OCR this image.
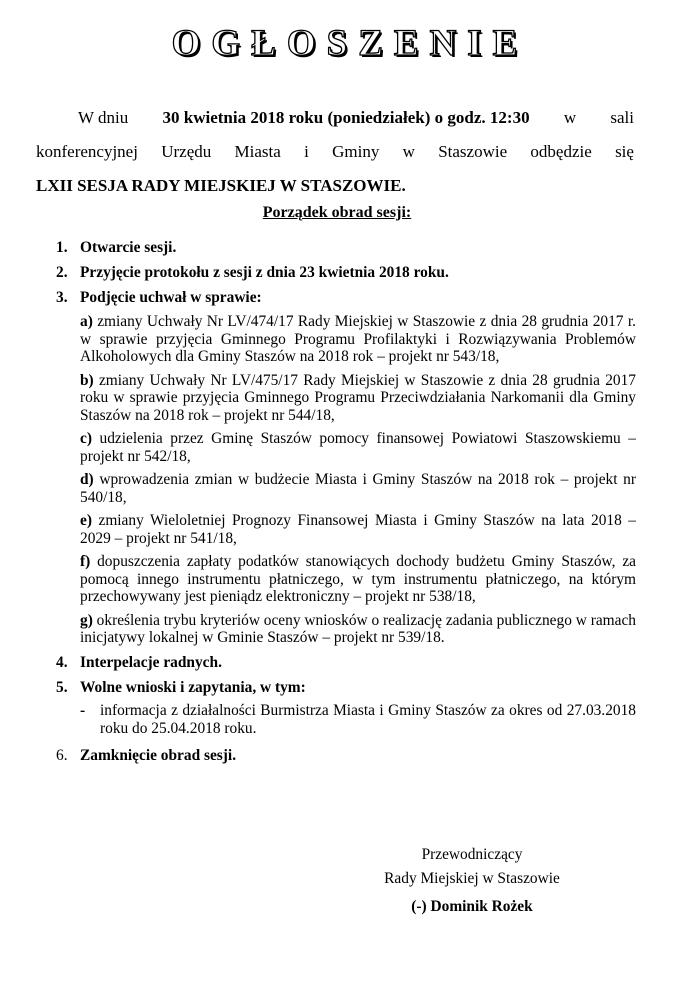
OGŁOSZENIE
W dniu 30 kwietnia 2018 roku (poniedziałek) o godz. 12:30 w sali
konferencyjnej Urzędu Miasta i Gminy w Staszowie odbędzie się
LXII SESJA RADY MIEJSKIEJ W STASZOWIE.
Porządek obrad sesji:
1. Otwarcie sesji.
2. Przyjęcie protokołu z sesji z dnia 23 kwietnia 2018 roku.
3. Podjęcie uchwał w sprawie:
a) zmiany Uchwały Nr LV/474/17 Rady Miejskiej w Staszowie z dnia 28 grudnia 2017 r. w sprawie przyjęcia Gminnego Programu Profilaktyki i Rozwiązywania Problemów Alkoholowych dla Gminy Staszów na 2018 rok – projekt nr 543/18,
b) zmiany Uchwały Nr LV/475/17 Rady Miejskiej w Staszowie z dnia 28 grudnia 2017 roku w sprawie przyjęcia Gminnego Programu Przeciwdziałania Narkomanii dla Gminy Staszów na 2018 rok – projekt nr 544/18,
c) udzielenia przez Gminę Staszów pomocy finansowej Powiatowi Staszowskiemu – projekt nr 542/18,
d) wprowadzenia zmian w budżecie Miasta i Gminy Staszów na 2018 rok – projekt nr 540/18,
e) zmiany Wieloletniej Prognozy Finansowej Miasta i Gminy Staszów na lata 2018 – 2029 – projekt nr 541/18,
f) dopuszczenia zapłaty podatków stanowiących dochody budżetu Gminy Staszów, za pomocą innego instrumentu płatniczego, w tym instrumentu płatniczego, na którym przechowywany jest pieniądz elektroniczny – projekt nr 538/18,
g) określenia trybu kryteriów oceny wniosków o realizację zadania publicznego w ramach inicjatywy lokalnej w Gminie Staszów – projekt nr 539/18.
4. Interpelacje radnych.
5. Wolne wnioski i zapytania, w tym:
- informacja z działalności Burmistrza Miasta i Gminy Staszów za okres od 27.03.2018 roku do 25.04.2018 roku.
6. Zamknięcie obrad sesji.
Przewodniczący
Rady Miejskiej w Staszowie
(-) Dominik Rożek
